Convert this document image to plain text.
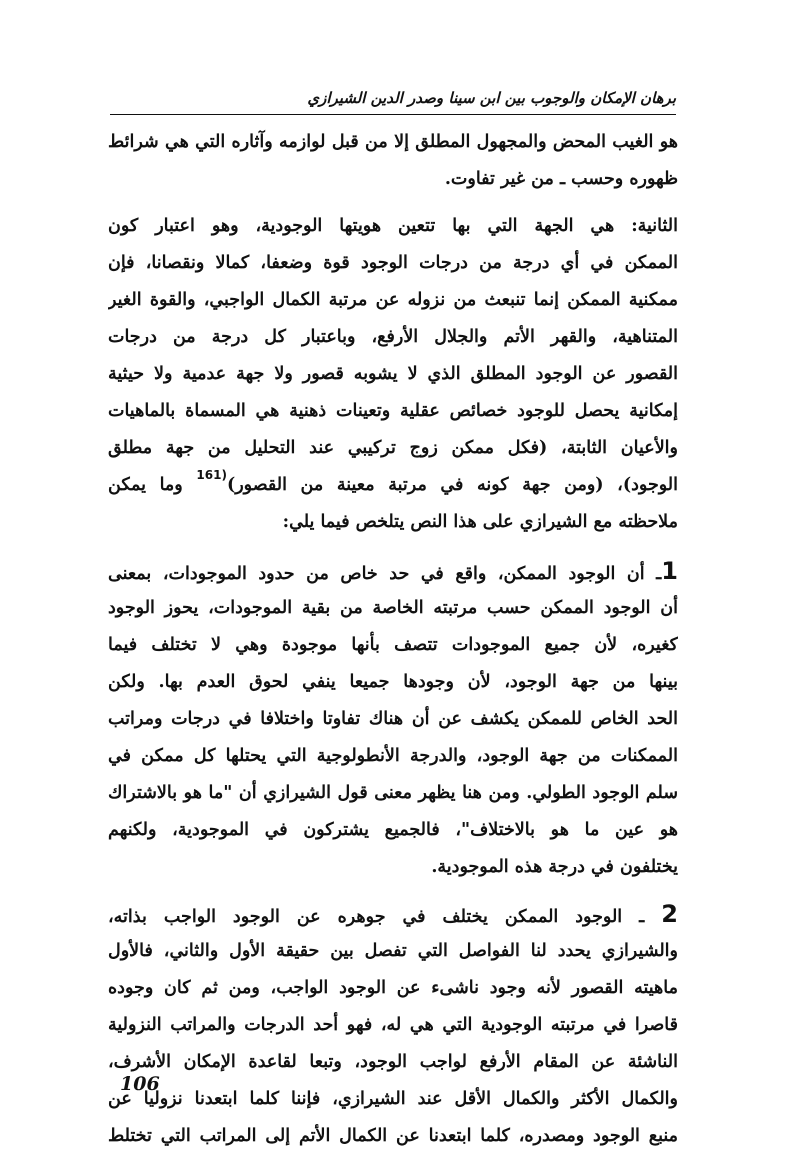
برهان الإمكان والوجوب بين ابن سينا وصدر الدين الشيرازي
هو الغيب المحض والمجهول المطلق إلا من قبل لوازمه وآثاره التي هي شرائط
ظهوره وحسب ـ من غير تفاوت.
الثانية: هي الجهة التي بها تتعين هويتها الوجودية، وهو اعتبار كون
الممكن في أي درجة من درجات الوجود قوة وضعفا، كمالا ونقصانا، فإن
ممكنية الممكن إنما تنبعث من نزوله عن مرتبة الكمال الواجبي، والقوة الغير
المتناهية، والقهر الأتم والجلال الأرفع، وباعتبار كل درجة من درجات
القصور عن الوجود المطلق الذي لا يشوبه قصور ولا جهة عدمية ولا حيثية
إمكانية يحصل للوجود خصائص عقلية وتعينات ذهنية هي المسماة بالماهيات
والأعيان الثابتة، (فكل ممكن زوج تركيبي عند التحليل من جهة مطلق
الوجود)، (ومن جهة كونه في مرتبة معينة من القصور)$^{(161}$ وما يمكن
ملاحظته مع الشيرازي على هذا النص يتلخص فيما يلي:
1ـ أن الوجود الممكن، واقع في حد خاص من حدود الموجودات، بمعنى
أن الوجود الممكن حسب مرتبته الخاصة من بقية الموجودات، يحوز الوجود
كغيره، لأن جميع الموجودات تتصف بأنها موجودة وهي لا تختلف فيما
بينها من جهة الوجود، لأن وجودها جميعا ينفي لحوق العدم بها. ولكن
الحد الخاص للممكن يكشف عن أن هناك تفاوتا واختلافا في درجات ومراتب
الممكنات من جهة الوجود، والدرجة الأنطولوجية التي يحتلها كل ممكن في
سلم الوجود الطولي. ومن هنا يظهر معنى قول الشيرازي أن "ما هو بالاشتراك
هو عين ما هو بالاختلاف"، فالجميع يشتركون في الموجودية، ولكنهم
يختلفون في درجة هذه الموجودية.
2 ـ الوجود الممكن يختلف في جوهره عن الوجود الواجب بذاته،
والشيرازي يحدد لنا الفواصل التي تفصل بين حقيقة الأول والثاني، فالأول
ماهيته القصور لأنه وجود ناشىء عن الوجود الواجب، ومن ثم كان وجوده
قاصرا في مرتبته الوجودية التي هي له، فهو أحد الدرجات والمراتب النزولية
الناشئة عن المقام الأرفع لواجب الوجود، وتبعا لقاعدة الإمكان الأشرف،
والكمال الأكثر والكمال الأقل عند الشيرازي، فإننا كلما ابتعدنا نزوليا عن
منبع الوجود ومصدره، كلما ابتعدنا عن الكمال الأتم إلى المراتب التي تختلط
106
